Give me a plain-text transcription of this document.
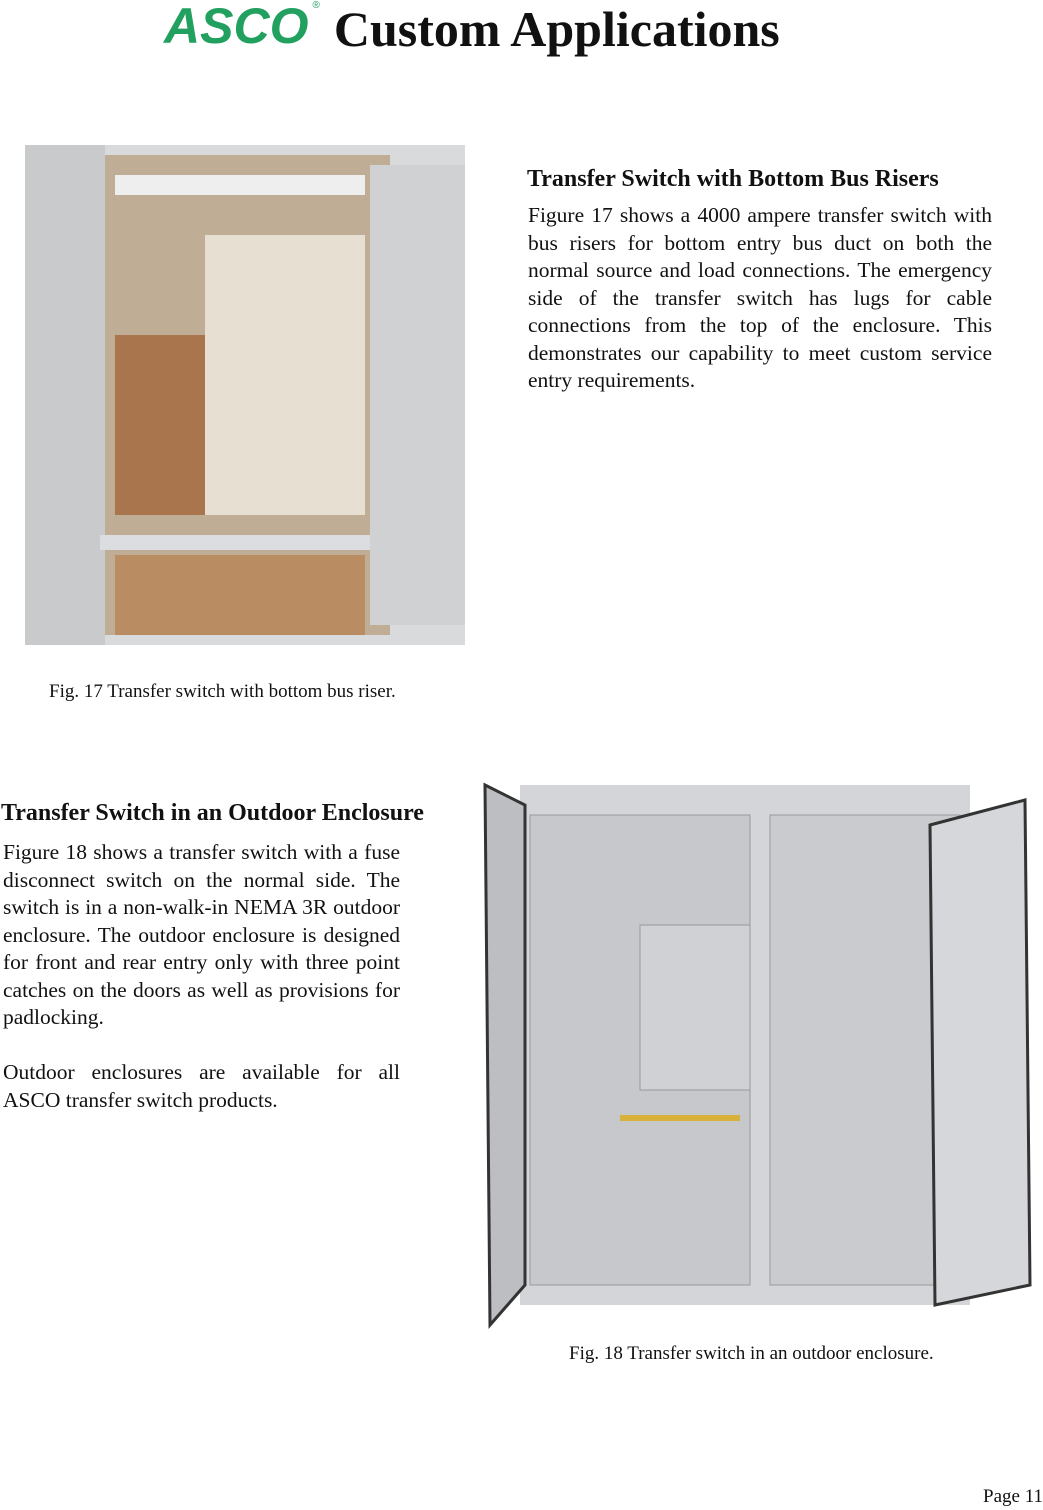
ASCO ® Custom Applications
Fig. 17 Transfer switch with bottom bus riser.
Transfer Switch with Bottom Bus Risers

Figure 17 shows a 4000 ampere transfer switch with bus risers for bottom entry bus duct on both the normal source and load connections. The emergency side of the transfer switch has lugs for cable connections from the top of the enclosure. This demonstrates our capability to meet custom service entry requirements.

Transfer Switch in an Outdoor Enclosure

Figure 18 shows a transfer switch with a fuse disconnect switch on the normal side. The switch is in a non-walk-in NEMA 3R outdoor enclosure. The outdoor enclosure is designed for front and rear entry only with three point catches on the doors as well as provisions for padlocking.

Outdoor enclosures are available for all ASCO transfer switch products.

Fig. 18 Transfer switch in an outdoor enclosure.
Page 11
